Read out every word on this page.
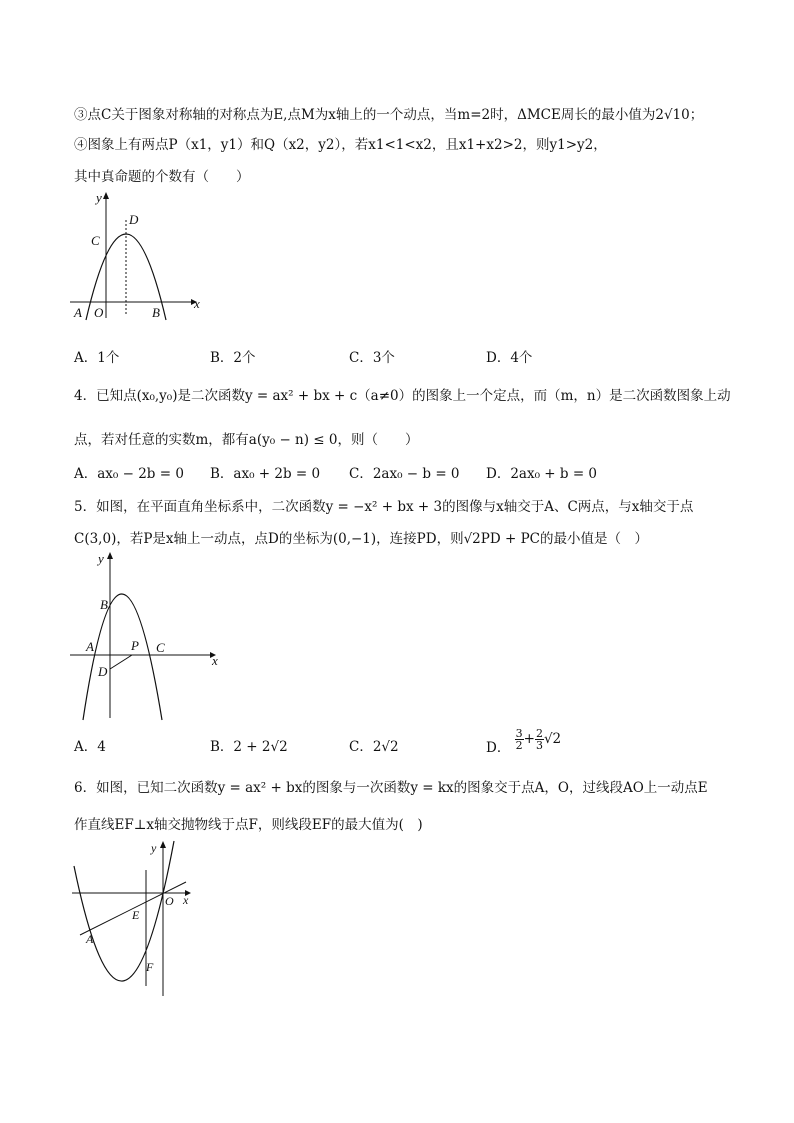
③点C关于图象对称轴的对称点为E,点M为x轴上的一个动点，当m=2时，ΔMCE周长的最小值为2√10；
④图象上有两点P（x1，y1）和Q（x2，y2），若x1<1<x2，且x1+x2>2，则y1>y2，
其中真命题的个数有（　　）
y
D
C
A O	B
x
A．1个	B．2个	C．3个	D．4个
4．已知点(x₀,y₀)是二次函数y = ax² + bx + c（a≠0）的图象上一个定点，而（m，n）是二次函数图象上动
点，若对任意的实数m，都有a(y₀ − n) ≤ 0，则（　　）
A．ax₀ − 2b = 0 B．ax₀ + 2b = 0 C．2ax₀ − b = 0 D．2ax₀ + b = 0
5．如图，在平面直角坐标系中，二次函数y = −x² + bx + 3的图像与x轴交于A、C两点，与x轴交于点
C(3,0)，若P是x轴上一动点，点D的坐标为(0,−1)，连接PD，则√2PD + PC的最小值是（　）
y
B
A	P C
x
D
A．4	B．2 + 2√2	C．2√2	D． $\frac{3}{2} + \frac{2}{3} √2$
6．如图，已知二次函数y = ax² + bx的图象与一次函数y = kx的图象交于点A，O，过线段AO上一动点E
作直线EF⊥x轴交抛物线于点F，则线段EF的最大值为(　)
y
O x
E
A
F
